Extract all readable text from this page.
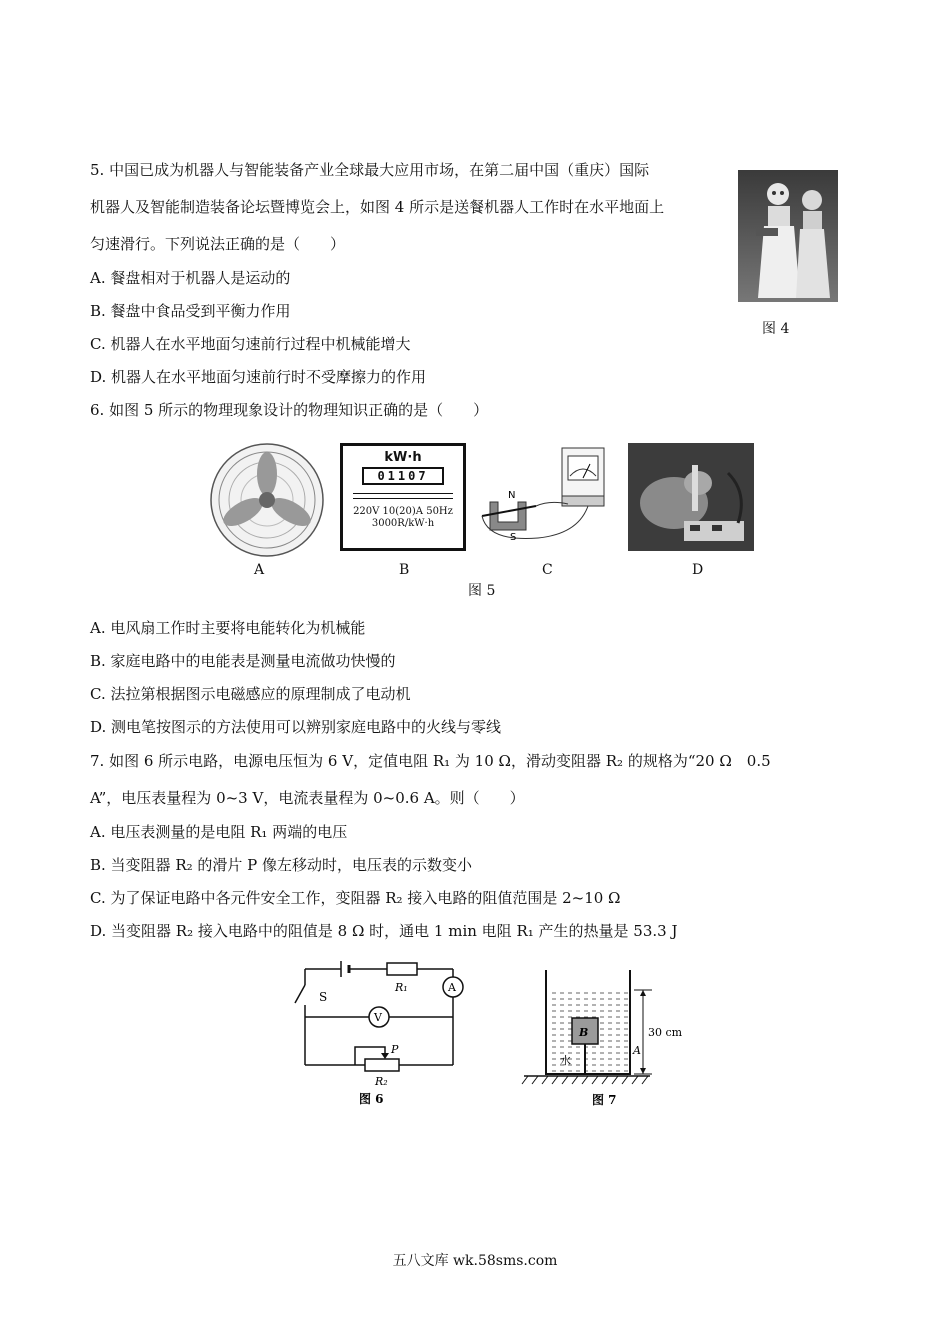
5. 中国已成为机器人与智能装备产业全球最大应用市场，在第二届中国（重庆）国际
机器人及智能制造装备论坛暨博览会上，如图 4 所示是送餐机器人工作时在水平地面上
匀速滑行。下列说法正确的是（　　）
A. 餐盘相对于机器人是运动的
B. 餐盘中食品受到平衡力作用
C. 机器人在水平地面匀速前行过程中机械能增大
D. 机器人在水平地面匀速前行时不受摩擦力的作用
图 4
6. 如图 5 所示的物理现象设计的物理知识正确的是（　　）
A
kW·h
01107
220V 10(20)A 50Hz
3000R/kW·h
B
N
S
C	D
图 5
A. 电风扇工作时主要将电能转化为机械能
B. 家庭电路中的电能表是测量电流做功快慢的
C. 法拉第根据图示电磁感应的原理制成了电动机
D. 测电笔按图示的方法使用可以辨别家庭电路中的火线与零线
7. 如图 6 所示电路，电源电压恒为 6 V，定值电阻 R₁ 为 10 Ω，滑动变阻器 R₂ 的规格为“20 Ω　0.5
A”，电压表量程为 0~3 V，电流表量程为 0~0.6 A。则（　　）
A. 电压表测量的是电阻 R₁ 两端的电压
B. 当变阻器 R₂ 的滑片 P 像左移动时，电压表的示数变小
C. 为了保证电路中各元件安全工作，变阻器 R₂ 接入电路的阻值范围是 2~10 Ω
D. 当变阻器 R₂ 接入电路中的阻值是 8 Ω 时，通电 1 min 电阻 R₁ 产生的热量是 53.3 J
S
R₁	A
V
P
R₂
图 6
B
水
A
30 cm
图 7
五八文库 wk.58sms.com
